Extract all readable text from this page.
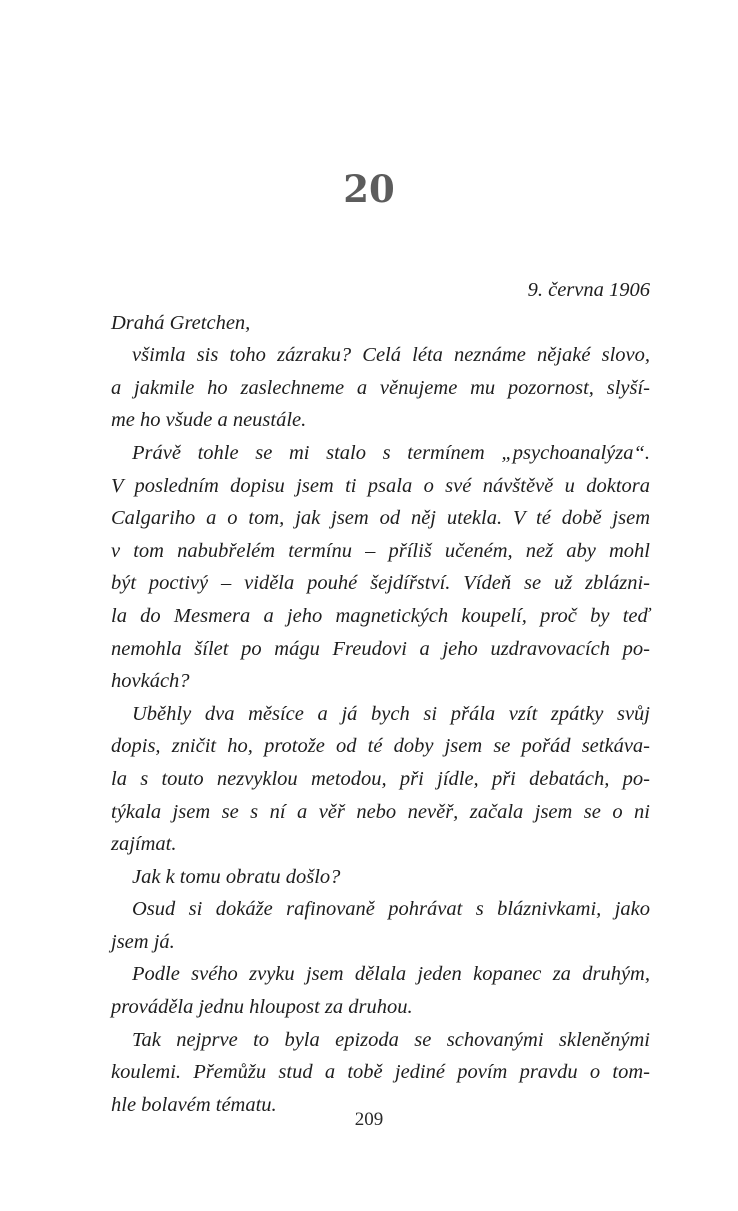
20
9. června 1906
Drahá Gretchen,
všimla sis toho zázraku? Celá léta neznáme nějaké slovo,
a jakmile ho zaslechneme a věnujeme mu pozornost, slyší-
me ho všude a neustále.
Právě tohle se mi stalo s termínem „psychoanalýza“.
V posledním dopisu jsem ti psala o své návštěvě u doktora
Calgariho a o tom, jak jsem od něj utekla. V té době jsem
v tom nabubřelém termínu – příliš učeném, než aby mohl
být poctivý – viděla pouhé šejdířství. Vídeň se už zblázni-
la do Mesmera a jeho magnetických koupelí, proč by teď
nemohla šílet po mágu Freudovi a jeho uzdravovacích po-
hovkách?
Uběhly dva měsíce a já bych si přála vzít zpátky svůj
dopis, zničit ho, protože od té doby jsem se pořád setkáva-
la s touto nezvyklou metodou, při jídle, při debatách, po-
týkala jsem se s ní a věř nebo nevěř, začala jsem se o ni
zajímat.
Jak k tomu obratu došlo?
Osud si dokáže rafinovaně pohrávat s bláznivkami, jako
jsem já.
Podle svého zvyku jsem dělala jeden kopanec za druhým,
prováděla jednu hloupost za druhou.
Tak nejprve to byla epizoda se schovanými skleněnými
koulemi. Přemůžu stud a tobě jediné povím pravdu o tom-
hle bolavém tématu.
209
